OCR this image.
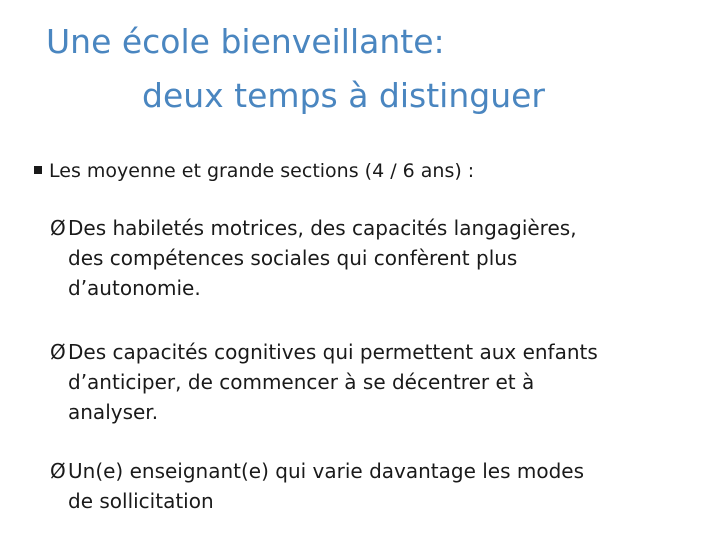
Une école bienveillante:
deux temps à distinguer
Les moyenne et grande sections (4 / 6 ans) :
Ø Des habiletés motrices, des capacités langagières,
des compétences sociales qui confèrent plus
d’autonomie.
Ø Des capacités cognitives qui permettent aux enfants
d’anticiper, de commencer à se décentrer et à
analyser.
Ø Un(e) enseignant(e) qui varie davantage les modes
de sollicitation
